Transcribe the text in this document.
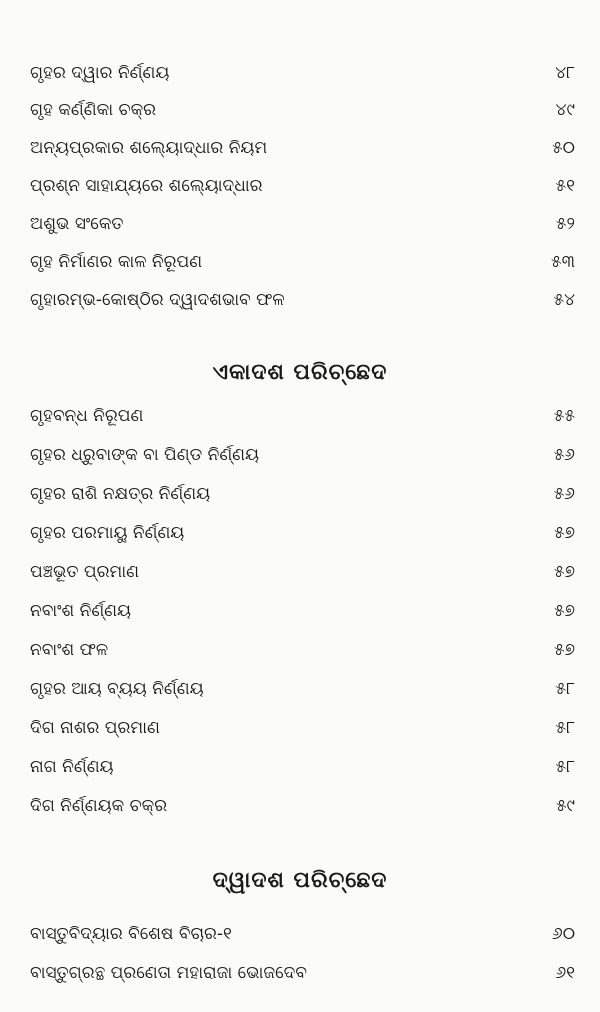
ଗୃହର ଦ୍ୱାର ନିର୍ଣ୍ଣୟ	୪୮
ଗୃହ କର୍ଣ୍ଣିକା ଚକ୍ର	୪୯
ଅନ୍ୟପ୍ରକାର ଶଲ୍ୟୋଦ୍ଧାର ନିୟମ	୫୦
ପ୍ରଶ୍ନ ସାହାଯ୍ୟରେ ଶଲ୍ୟୋଦ୍ଧାର	୫୧
ଅଶୁଭ ସଂକେତ	୫୨
ଗୃହ ନିର୍ମାଣର କାଳ ନିରୂପଣ	୫୩
ଗୃହାରମ୍ଭ-କୋଷ୍ଠିର ଦ୍ୱାଦଶଭାବ ଫଳ	୫୪
ଏକାଦଶ ପରିଚ୍ଛେଦ
ଗୃହବନ୍ଧ ନିରୂପଣ	୫୫
ଗୃହର ଧ୍ରୁବାଙ୍କ ବା ପିଣ୍ଡ ନିର୍ଣ୍ଣୟ	୫୬
ଗୃହର ରାଶି ନକ୍ଷତ୍ର ନିର୍ଣ୍ଣୟ	୫୬
ଗୃହର ପରମାୟୁ ନିର୍ଣ୍ଣୟ	୫୭
ପଞ୍ଚଭୂତ ପ୍ରମାଣ	୫୭
ନବାଂଶ ନିର୍ଣ୍ଣୟ	୫୭
ନବାଂଶ ଫଳ	୫୭
ଗୃହର ଆୟ ବ୍ୟୟ ନିର୍ଣ୍ଣୟ	୫୮
ଦିଗ ନାଶର ପ୍ରମାଣ	୫୮
ନାଗ ନିର୍ଣ୍ଣୟ	୫୮
ଦିଗ ନିର୍ଣ୍ଣୟକ ଚକ୍ର	୫୯
ଦ୍ୱାଦଶ ପରିଚ୍ଛେଦ
ବାସ୍ତୁବିଦ୍ୟାର ବିଶେଷ ବିଚାର-୧	୬୦
ବାସ୍ତୁଗ୍ରନ୍ଥ ପ୍ରଣେତା ମହାରାଜା ଭୋଜଦେବ	୬୧
